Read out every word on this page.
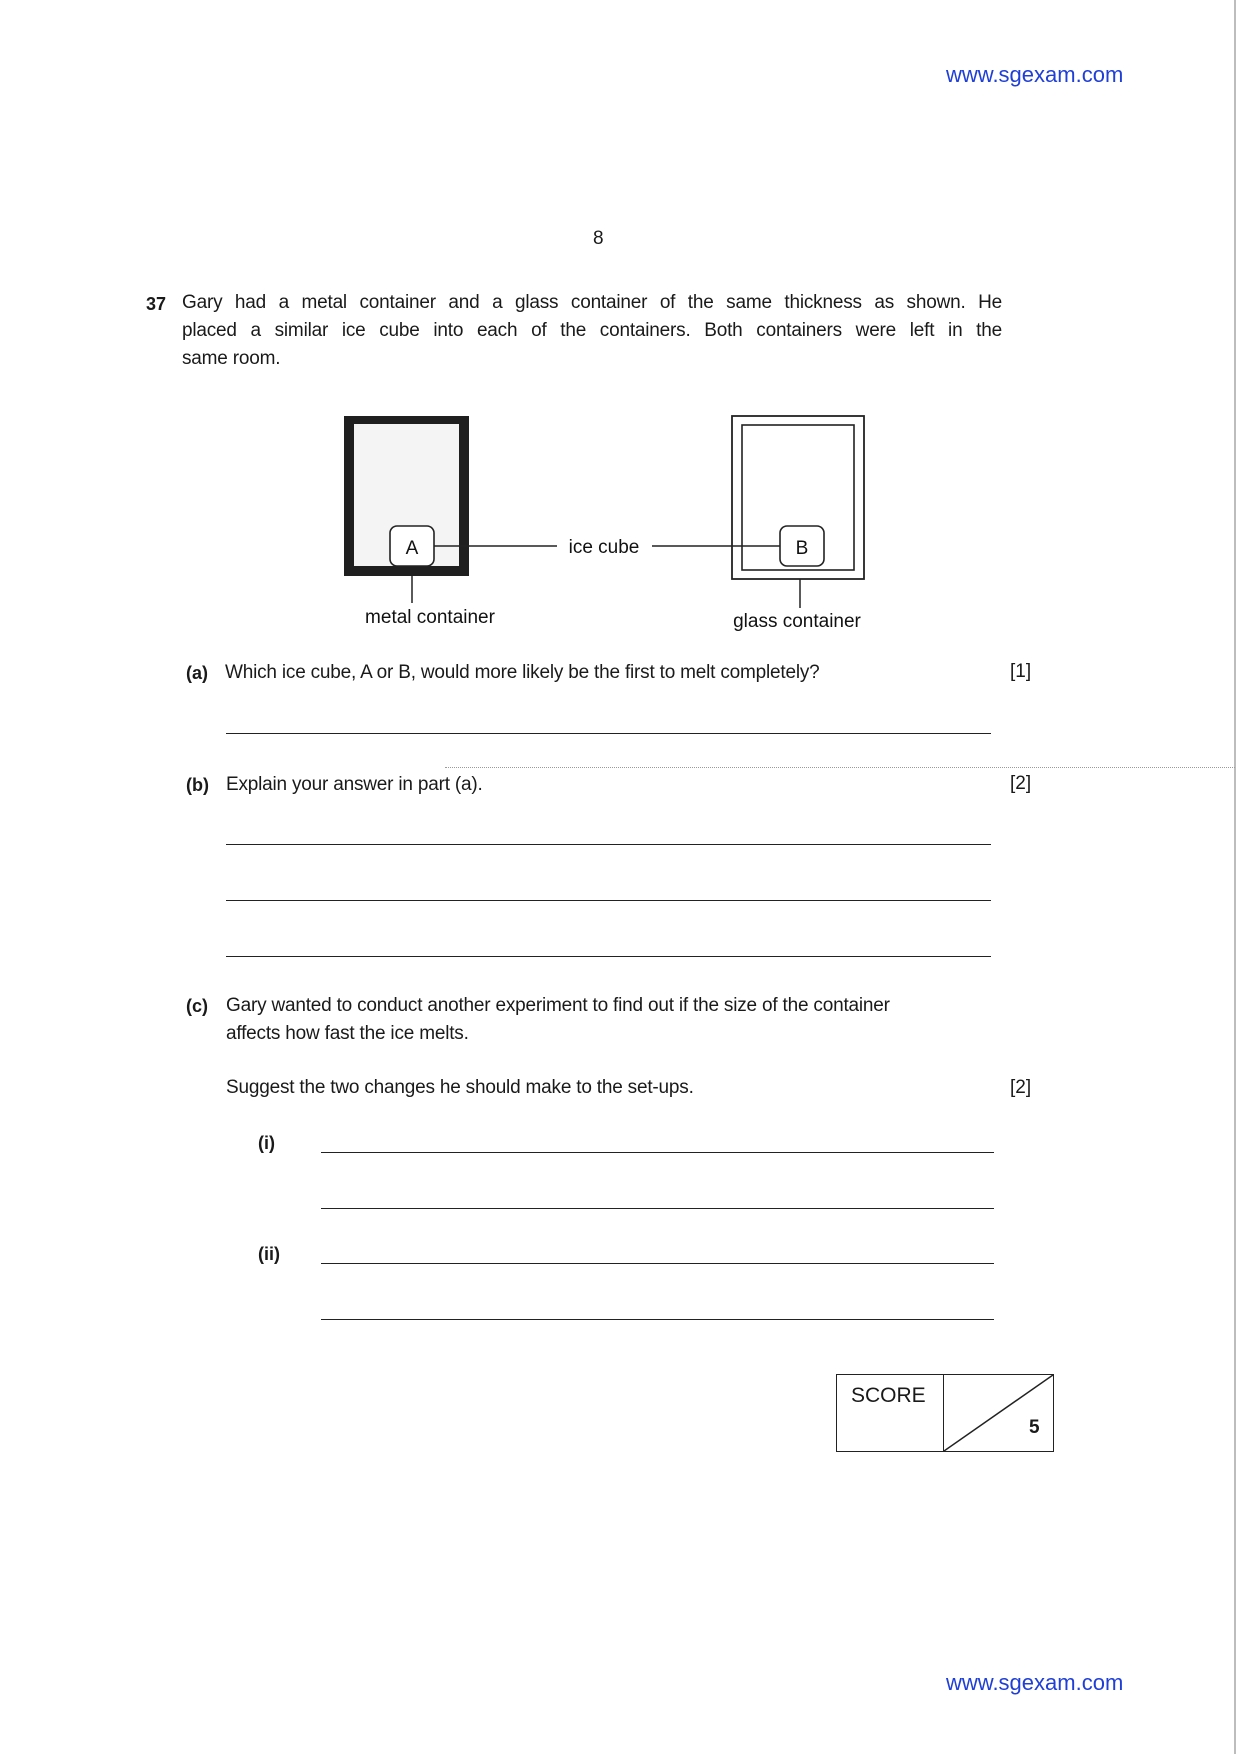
www.sgexam.com
8
37 Gary had a metal container and a glass container of the same thickness as shown. He
placed a similar ice cube into each of the containers. Both containers were left in the
same room.
A	B
ice cube
metal container	glass container
(a) Which ice cube, A or B, would more likely be the first to melt completely?	[1]
(b) Explain your answer in part (a).	[2]
(c) Gary wanted to conduct another experiment to find out if the size of the container
affects how fast the ice melts.
Suggest the two changes he should make to the set-ups.	[2]
(i)
(ii)
SCORE
5
www.sgexam.com
